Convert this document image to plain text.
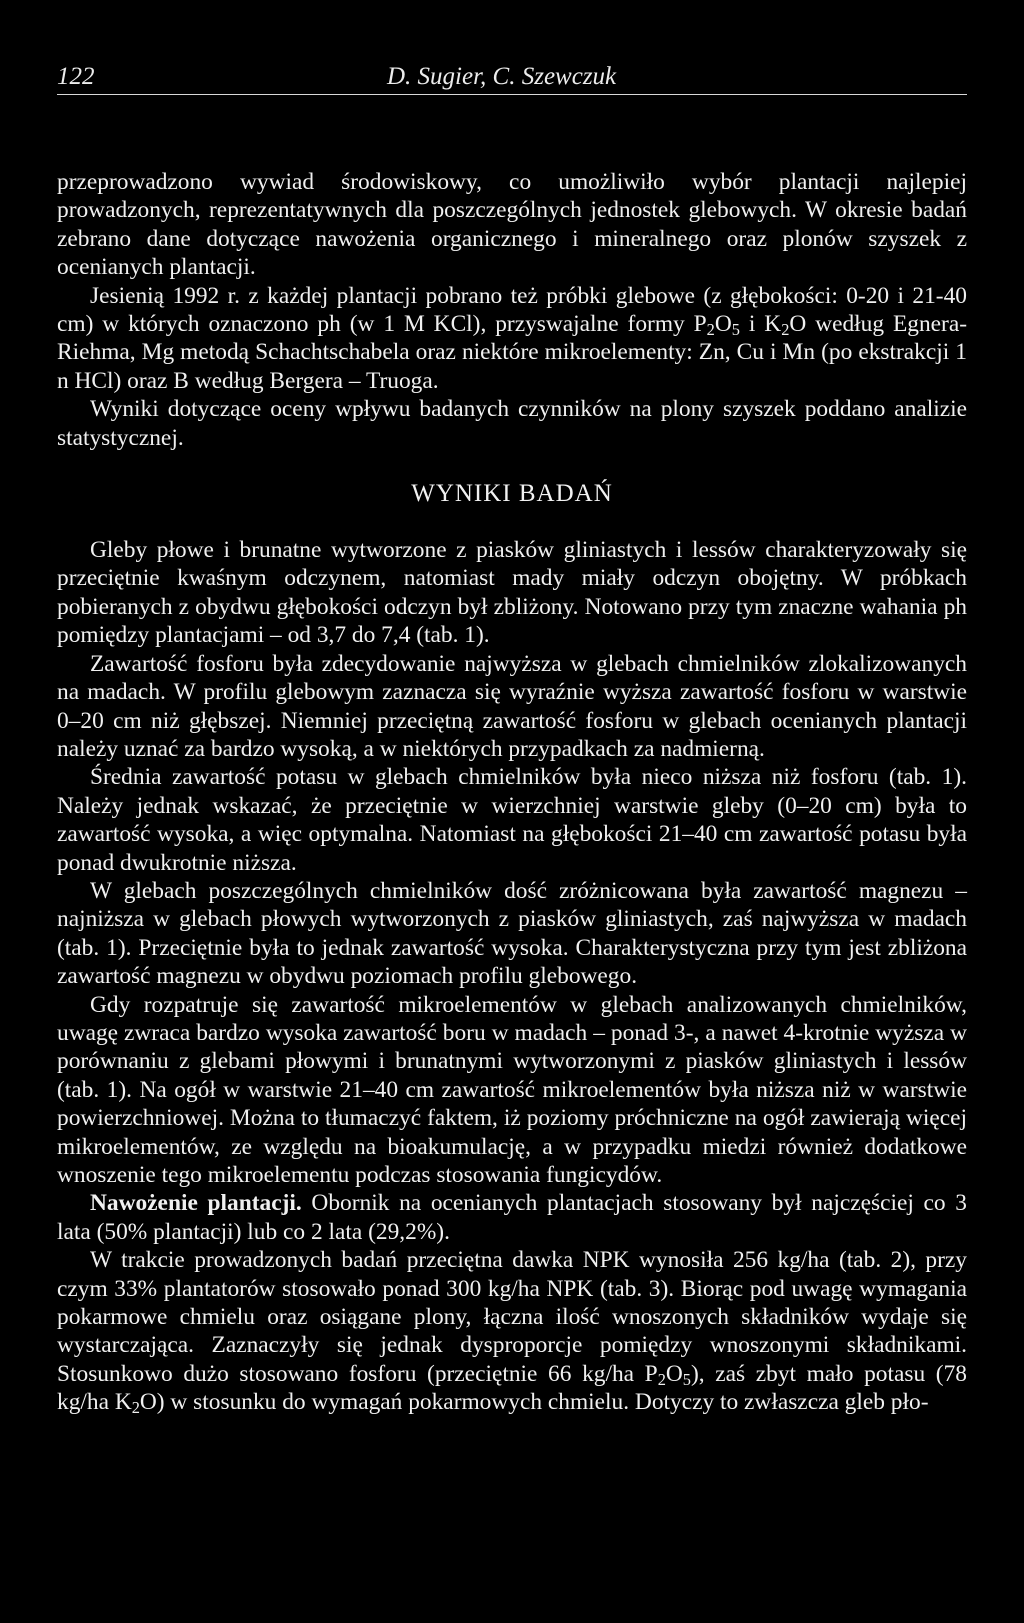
122	D. Sugier, C. Szewczuk

przeprowadzono wywiad środowiskowy, co umożliwiło wybór plantacji najlepiej prowadzonych, reprezentatywnych dla poszczególnych jednostek glebowych. W okresie badań zebrano dane dotyczące nawożenia organicznego i mineralnego oraz plonów szyszek z ocenianych plantacji.

Jesienią 1992 r. z każdej plantacji pobrano też próbki glebowe (z głębokości: 0-20 i 21-40 cm) w których oznaczono ph (w 1 M KCl), przyswajalne formy $P_2O_5$ i $K_2O$ według Egnera-Riehma, Mg metodą Schachtschabela oraz niektóre mikroelementy: Zn, Cu i Mn (po ekstrakcji 1 n HCl) oraz B według Bergera – Truoga.

Wyniki dotyczące oceny wpływu badanych czynników na plony szyszek poddano analizie statystycznej.

WYNIKI BADAŃ

Gleby płowe i brunatne wytworzone z piasków gliniastych i lessów charakteryzowały się przeciętnie kwaśnym odczynem, natomiast mady miały odczyn obojętny. W próbkach pobieranych z obydwu głębokości odczyn był zbliżony. Notowano przy tym znaczne wahania ph pomiędzy plantacjami – od 3,7 do 7,4 (tab. 1).

Zawartość fosforu była zdecydowanie najwyższa w glebach chmielników zlokalizowanych na madach. W profilu glebowym zaznacza się wyraźnie wyższa zawartość fosforu w warstwie 0–20 cm niż głębszej. Niemniej przeciętną zawartość fosforu w glebach ocenianych plantacji należy uznać za bardzo wysoką, a w niektórych przypadkach za nadmierną.

Średnia zawartość potasu w glebach chmielników była nieco niższa niż fosforu (tab. 1). Należy jednak wskazać, że przeciętnie w wierzchniej warstwie gleby (0–20 cm) była to zawartość wysoka, a więc optymalna. Natomiast na głębokości 21–40 cm zawartość potasu była ponad dwukrotnie niższa.

W glebach poszczególnych chmielników dość zróżnicowana była zawartość magnezu – najniższa w glebach płowych wytworzonych z piasków gliniastych, zaś najwyższa w madach (tab. 1). Przeciętnie była to jednak zawartość wysoka. Charakterystyczna przy tym jest zbliżona zawartość magnezu w obydwu poziomach profilu glebowego.

Gdy rozpatruje się zawartość mikroelementów w glebach analizowanych chmielników, uwagę zwraca bardzo wysoka zawartość boru w madach – ponad 3-, a nawet 4-krotnie wyższa w porównaniu z glebami płowymi i brunatnymi wytworzonymi z piasków gliniastych i lessów (tab. 1). Na ogół w warstwie 21–40 cm zawartość mikroelementów była niższa niż w warstwie powierzchniowej. Można to tłumaczyć faktem, iż poziomy próchniczne na ogół zawierają więcej mikroelementów, ze względu na bioakumulację, a w przypadku miedzi również dodatkowe wnoszenie tego mikroelementu podczas stosowania fungicydów.

Nawożenie plantacji. Obornik na ocenianych plantacjach stosowany był najczęściej co 3 lata (50% plantacji) lub co 2 lata (29,2%).

W trakcie prowadzonych badań przeciętna dawka NPK wynosiła 256 kg/ha (tab. 2), przy czym 33% plantatorów stosowało ponad 300 kg/ha NPK (tab. 3). Biorąc pod uwagę wymagania pokarmowe chmielu oraz osiągane plony, łączna ilość wnoszonych składników wydaje się wystarczająca. Zaznaczyły się jednak dysproporcje pomiędzy wnoszonymi składnikami. Stosunkowo dużo stosowano fosforu (przeciętnie 66 kg/ha $P_2O_5$), zaś zbyt mało potasu (78 kg/ha $K_2O$) w stosunku do wymagań pokarmowych chmielu. Dotyczy to zwłaszcza gleb pło-
